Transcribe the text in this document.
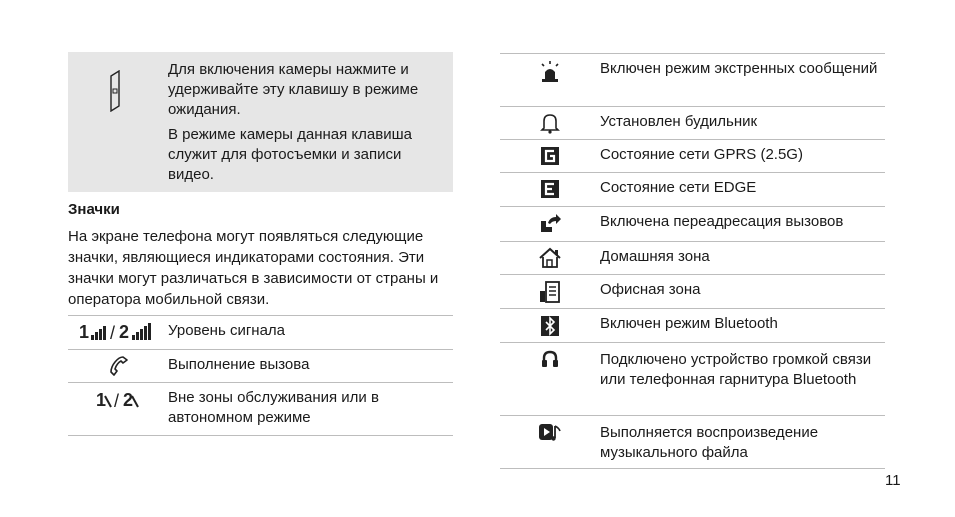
Для включения камеры нажмите и удерживайте эту клавишу в режиме ожидания.

В режиме камеры данная клавиша служит для фотосъемки и записи видео.

Значки
На экране телефона могут появляться следующие значки, являющиеся индикаторами состояния. Эти значки могут различаться в зависимости от страны и оператора мобильной связи.
1 / 2	Уровень сигнала
Выполнение вызова
1 / 2 Вне зоны обслуживания или в автономном режиме
Включен режим экстренных сообщений
Установлен будильник
Состояние сети GPRS (2.5G)
Состояние сети EDGE
Включена переадресация вызовов
Домашняя зона
Офисная зона
Включен режим Bluetooth
Подключено устройство громкой связи или телефонная гарнитура Bluetooth
Выполняется воспроизведение музыкального файла
11
